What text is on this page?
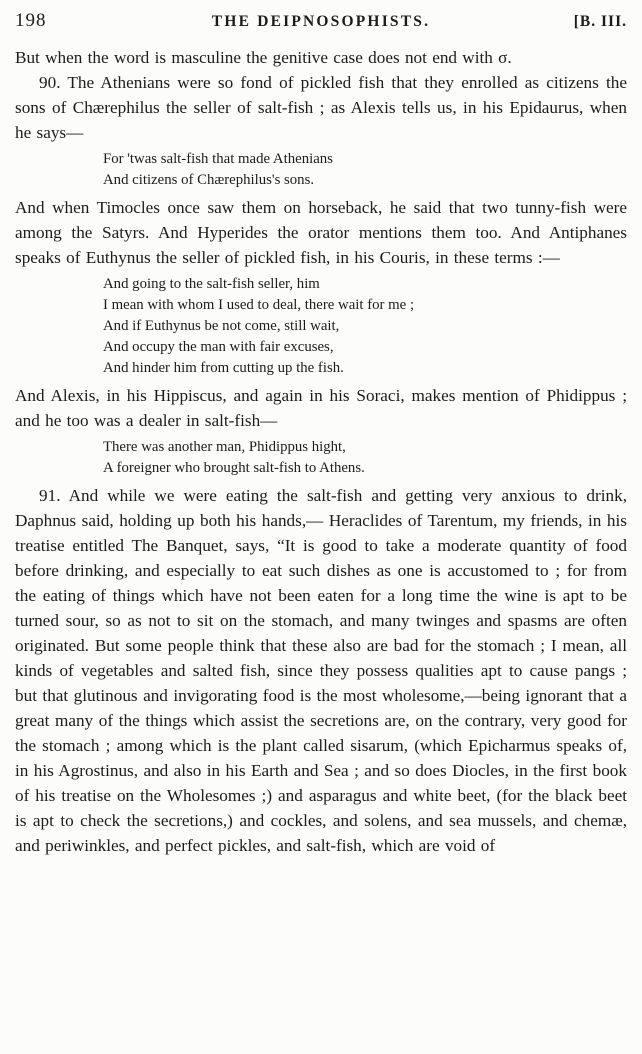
198	THE DEIPNOSOPHISTS.	[B. III.

But when the word is masculine the genitive case does not end with σ.

90. The Athenians were so fond of pickled fish that they enrolled as citizens the sons of Chærephilus the seller of salt-fish ; as Alexis tells us, in his Epidaurus, when he says—

For 'twas salt-fish that made Athenians
And citizens of Chærephilus's sons.

And when Timocles once saw them on horseback, he said that two tunny-fish were among the Satyrs. And Hyperides the orator mentions them too. And Antiphanes speaks of Euthynus the seller of pickled fish, in his Couris, in these terms :—

And going to the salt-fish seller, him
I mean with whom I used to deal, there wait for me ;
And if Euthynus be not come, still wait,
And occupy the man with fair excuses,
And hinder him from cutting up the fish.

And Alexis, in his Hippiscus, and again in his Soraci, makes mention of Phidippus ; and he too was a dealer in salt-fish—

There was another man, Phidippus hight,
A foreigner who brought salt-fish to Athens.

91. And while we were eating the salt-fish and getting very anxious to drink, Daphnus said, holding up both his hands,— Heraclides of Tarentum, my friends, in his treatise entitled The Banquet, says, “It is good to take a moderate quantity of food before drinking, and especially to eat such dishes as one is accustomed to ; for from the eating of things which have not been eaten for a long time the wine is apt to be turned sour, so as not to sit on the stomach, and many twinges and spasms are often originated. But some people think that these also are bad for the stomach ; I mean, all kinds of vegetables and salted fish, since they possess qualities apt to cause pangs ; but that glutinous and invigorating food is the most wholesome,—being ignorant that a great many of the things which assist the secretions are, on the contrary, very good for the stomach ; among which is the plant called sisarum, (which Epicharmus speaks of, in his Agrostinus, and also in his Earth and Sea ; and so does Diocles, in the first book of his treatise on the Wholesomes ;) and asparagus and white beet, (for the black beet is apt to check the secretions,) and cockles, and solens, and sea mussels, and chemæ, and periwinkles, and perfect pickles, and salt-fish, which are void of
